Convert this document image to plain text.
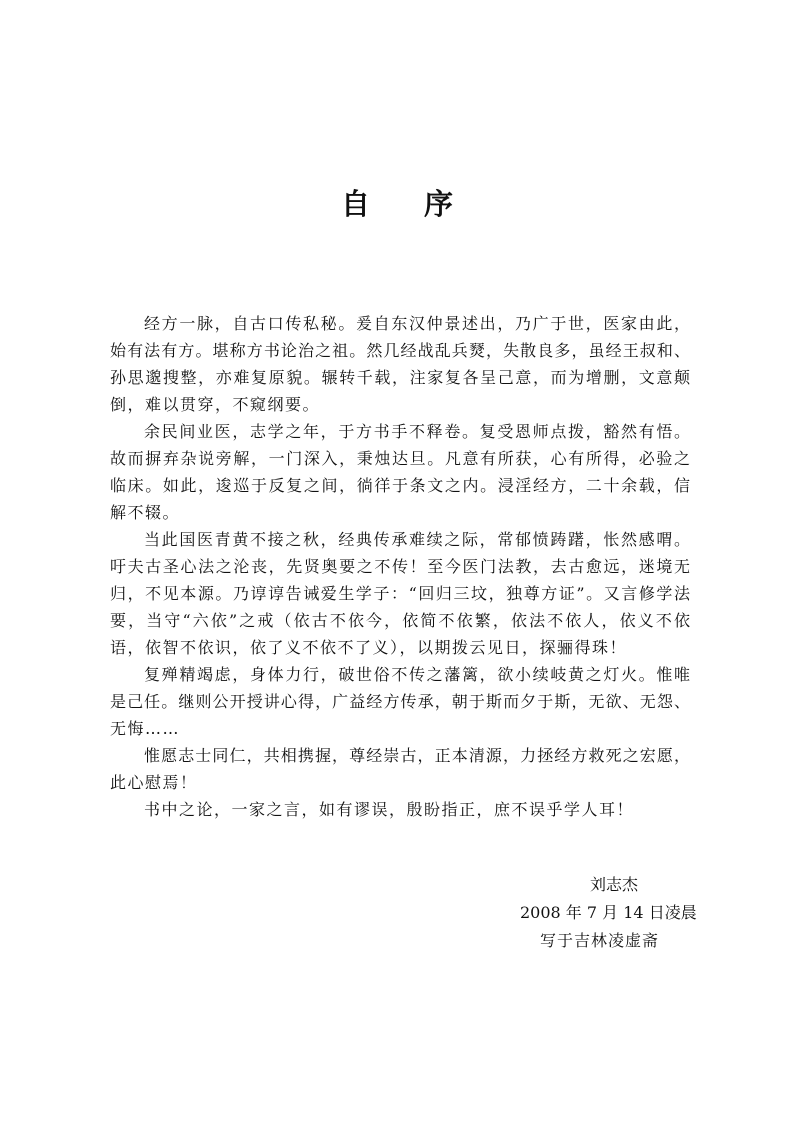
自 序
经方一脉，自古口传私秘。爰自东汉仲景述出，乃广于世，医家由此，
始有法有方。堪称方书论治之祖。然几经战乱兵燹，失散良多，虽经王叔和、
孙思邈搜整，亦难复原貌。辗转千载，注家复各呈己意，而为增删，文意颠
倒，难以贯穿，不窥纲要。
余民间业医，志学之年，于方书手不释卷。复受恩师点拨，豁然有悟。
故而摒弃杂说旁解，一门深入，秉烛达旦。凡意有所获，心有所得，必验之
临床。如此，逡巡于反复之间，徜徉于条文之内。浸淫经方，二十余载，信
解不辍。
当此国医青黄不接之秋，经典传承难续之际，常郁愤踌躇，怅然感喟。
吁夫古圣心法之沦丧，先贤奥要之不传！至今医门法教，去古愈远，迷境无
归，不见本源。乃谆谆告诫爱生学子：“回归三坟，独尊方证”。又言修学法
要，当守“六依”之戒（依古不依今，依简不依繁，依法不依人，依义不依
语，依智不依识，依了义不依不了义），以期拨云见日，探骊得珠！
复殚精竭虑，身体力行，破世俗不传之藩篱，欲小续岐黄之灯火。惟唯
是己任。继则公开授讲心得，广益经方传承，朝于斯而夕于斯，无欲、无怨、
无悔……
惟愿志士同仁，共相携握，尊经崇古，正本清源，力拯经方救死之宏愿，
此心慰焉！
书中之论，一家之言，如有谬误，殷盼指正，庶不误乎学人耳！
刘志杰
2008 年 7 月 14 日凌晨
写于吉林凌虚斋
